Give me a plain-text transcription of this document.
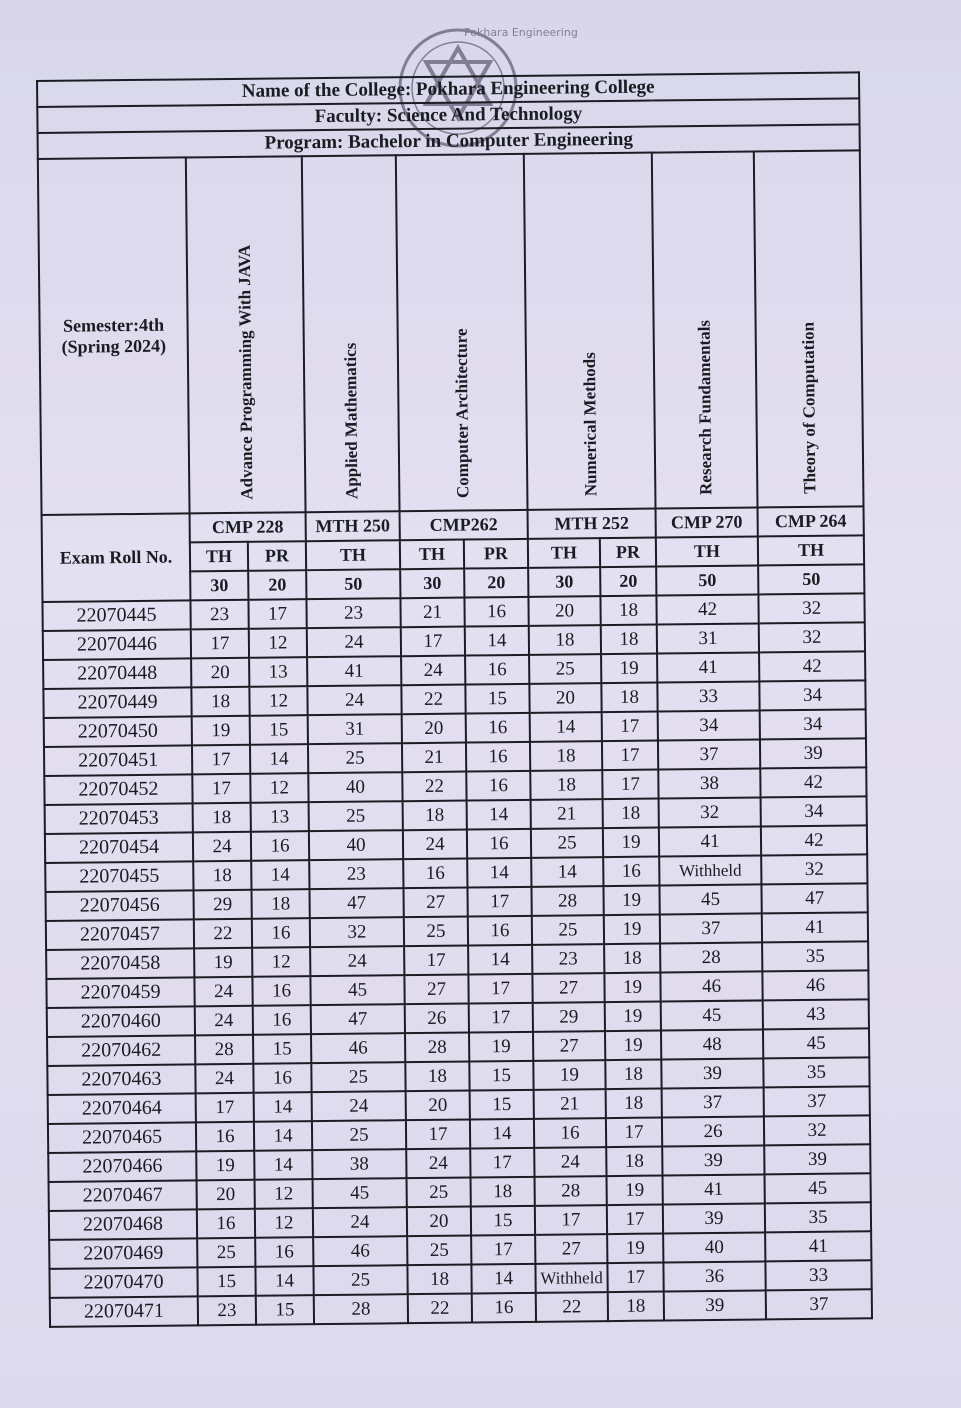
Pokhara Engineering
Name of the College: Pokhara Engineering College									
Faculty: Science And Technology									
Program: Bachelor in Computer Engineering									

Semester:4th
(Spring 2024)	Advance Programming With JAVA		Applied Mathematics	Computer Architecture		Numerical Methods		Research Fundamentals	Theory of Computation
Exam Roll No.	CMP 228		MTH 250	CMP262		MTH 252		CMP 270	CMP 264
	TH	PR	TH	TH	PR	TH	PR	TH	TH
	30	20	50	30	20	30	20	50	50
22070445	23	17	23	21	16	20	18	42	32
22070446	17	12	24	17	14	18	18	31	32
22070448	20	13	41	24	16	25	19	41	42
22070449	18	12	24	22	15	20	18	33	34
22070450	19	15	31	20	16	14	17	34	34
22070451	17	14	25	21	16	18	17	37	39
22070452	17	12	40	22	16	18	17	38	42
22070453	18	13	25	18	14	21	18	32	34
22070454	24	16	40	24	16	25	19	41	42
22070455	18	14	23	16	14	14	16	Withheld	32
22070456	29	18	47	27	17	28	19	45	47
22070457	22	16	32	25	16	25	19	37	41
22070458	19	12	24	17	14	23	18	28	35
22070459	24	16	45	27	17	27	19	46	46
22070460	24	16	47	26	17	29	19	45	43
22070462	28	15	46	28	19	27	19	48	45
22070463	24	16	25	18	15	19	18	39	35
22070464	17	14	24	20	15	21	18	37	37
22070465	16	14	25	17	14	16	17	26	32
22070466	19	14	38	24	17	24	18	39	39
22070467	20	12	45	25	18	28	19	41	45
22070468	16	12	24	20	15	17	17	39	35
22070469	25	16	46	25	17	27	19	40	41
22070470	15	14	25	18	14	Withheld	17	36	33
22070471	23	15	28	22	16	22	18	39	37
